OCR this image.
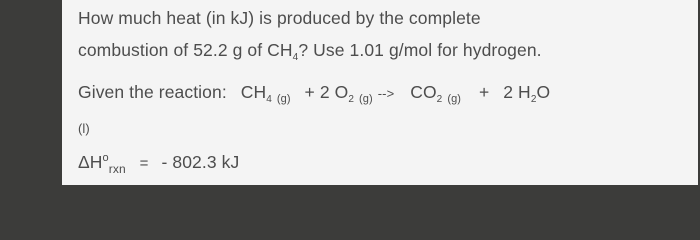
How much heat (in kJ) is produced by the complete
combustion of 52.2 g of $CH_4$? Use 1.01 g/mol for hydrogen.
Given the reaction: $CH_4$ $_{(g)}$ + 2 $O_2$ $_{(g)}$ --> $CO_2$ $_{(g)}$ + 2 $H_2O$
(l)
$\Delta H^o_{rxn}$ = - 802.3 kJ
